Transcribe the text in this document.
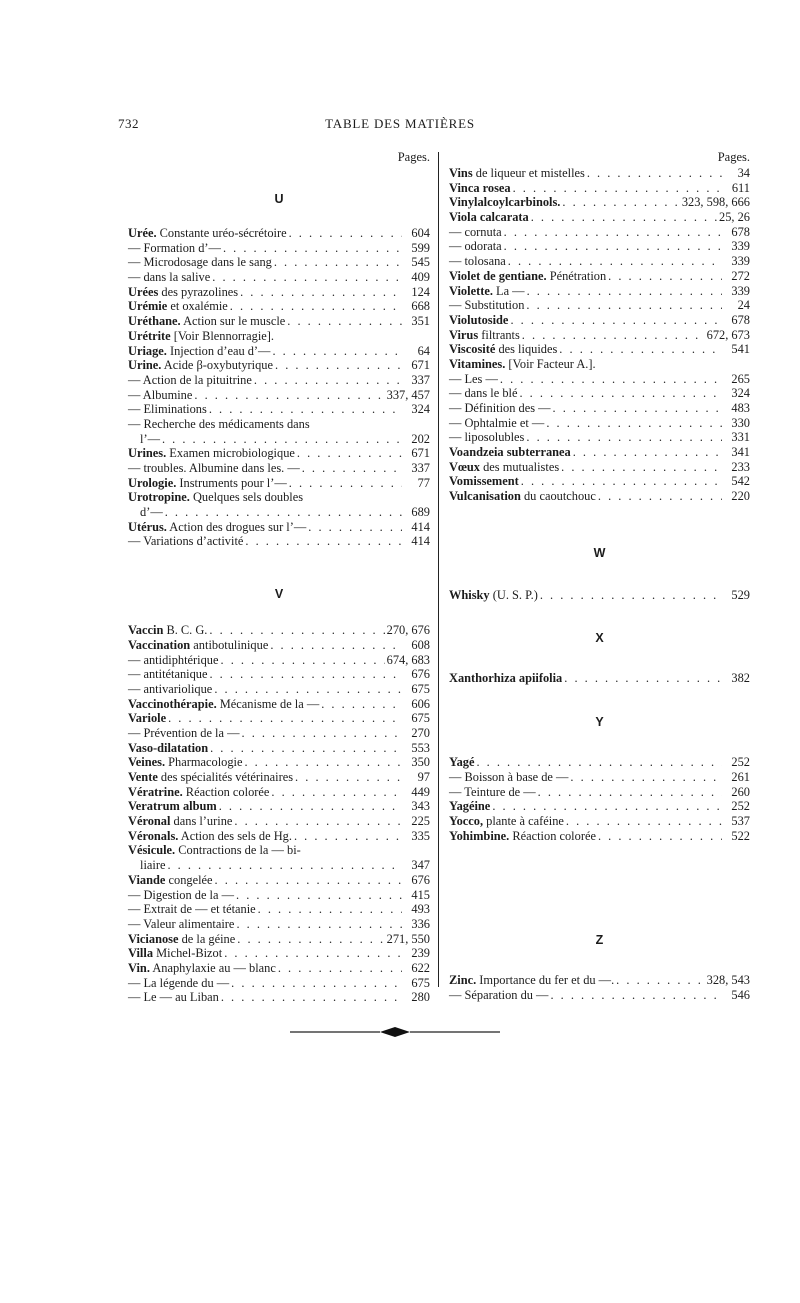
732	TABLE DES MATIÈRES
Pages.
U
Urée. Constante uréo-sécrétoire . . .	604
— Formation d’— . . .	599
— Microdosage dans le sang . . .	545
— dans la salive . . .	409
Urées des pyrazolines . . .	124
Urémie et oxalémie . . .	668
Uréthane. Action sur le muscle . . .	351
Urétrite [Voir Blennorragie].
Uriage. Injection d’eau d’— . . .	64
Urine. Acide β-oxybutyrique . . .	671
— Action de la pituitrine . . .	337
— Albumine . . .	337, 457
— Eliminations . . .	324
— Recherche des médicaments dans
l’— . . .	202
Urines. Examen microbiologique . . .	671
— troubles. Albumine dans les. — . . .	337
Urologie. Instruments pour l’— . . .	77
Urotropine. Quelques sels doubles
d’— . . .	689
Utérus. Action des drogues sur l’— . . .	414
— Variations d’activité . . .	414
V
Vaccin B. C. G. . . .	270, 676
Vaccination antibotulinique . . .	608
— antidiphtérique . . .	674, 683
— antitétanique . . .	676
— antivariolique . . .	675
Vaccinothérapie. Mécanisme de la — . . .	606
Variole . . .	675
— Prévention de la — . . .	270
Vaso-dilatation . . .	553
Veines. Pharmacologie . . .	350
Vente des spécialités vétérinaires . . .	97
Vératrine. Réaction colorée . . .	449
Veratrum album . . .	343
Véronal dans l’urine . . .	225
Véronals. Action des sels de Hg. . . .	335
Vésicule. Contractions de la — bi-
liaire . . .	347
Viande congelée . . .	676
— Digestion de la — . . .	415
— Extrait de — et tétanie . . .	493
— Valeur alimentaire . . .	336
Vicianose de la géine . . .	271, 550
Villa Michel-Bizot . . .	239
Vin. Anaphylaxie au — blanc . . .	622
— La légende du — . . .	675
— Le — au Liban . . .	280
Pages.
Vins de liqueur et mistelles . . .	34
Vinca rosea . . .	611
Vinylalcoylcarbinols. . . .	323, 598, 666
Viola calcarata . . .	25, 26
— cornuta . . .	678
— odorata . . .	339
— tolosana . . .	339
Violet de gentiane. Pénétration . . .	272
Violette. La — . . .	339
— Substitution . . .	24
Violutoside . . .	678
Virus filtrants . . .	672, 673
Viscosité des liquides . . .	541
Vitamines. [Voir Facteur A.].
— Les — . . .	265
— dans le blé . . .	324
— Définition des — . . .	483
— Ophtalmie et — . . .	330
— liposolubles . . .	331
Voandzeia subterranea . . .	341
Vœux des mutualistes . . .	233
Vomissement . . .	542
Vulcanisation du caoutchouc . . .	220
W
Whisky (U. S. P.) . . .	529
X
Xanthorhiza apiifolia . . .	382
Y
Yagé . . .	252
— Boisson à base de — . . .	261
— Teinture de — . . .	260
Yagéine . . .	252
Yocco, plante à caféine . . .	537
Yohimbine. Réaction colorée . . .	522
Z
Zinc. Importance du fer et du —. . . .	328, 543
— Séparation du — . . .	546
